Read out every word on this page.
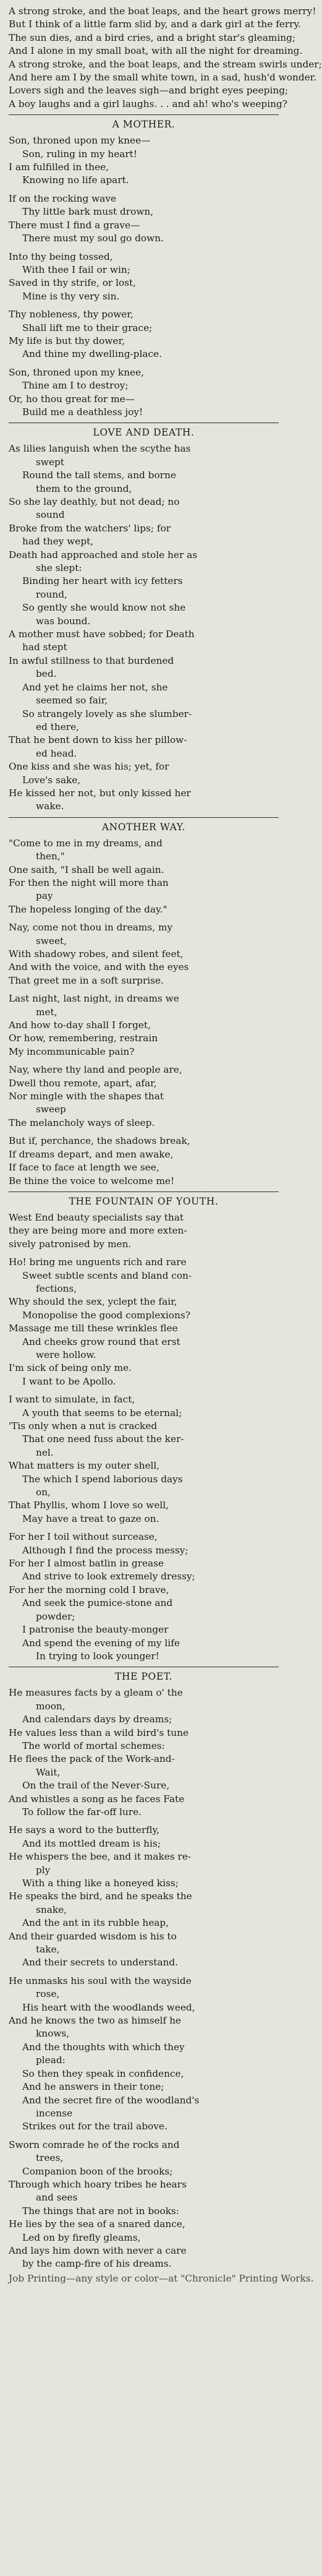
A strong stroke, and the boat leaps, and the heart grows merry!
But I think of a little farm slid by, and a dark girl at the ferry.
The sun dies, and a bird cries, and a bright star's gleaming;
And I alone in my small boat, with all the night for dreaming.
A strong stroke, and the boat leaps, and the stream swirls under;
And here am I by the small white town, in a sad, hush'd wonder.
Lovers sigh and the leaves sigh—and bright eyes peeping;
A boy laughs and a girl laughs. . . and ah! who's weeping?
A MOTHER.
Son, throned upon my knee—
Son, ruling in my heart!
I am fulfilled in thee,
Knowing no life apart.
If on the rocking wave
Thy little bark must drown,
There must I find a grave—
There must my soul go down.
Into thy being tossed,
With thee I fail or win;
Saved in thy strife, or lost,
Mine is thy very sin.
Thy nobleness, thy power,
Shall lift me to their grace;
My life is but thy dower,
And thine my dwelling-place.
Son, throned upon my knee,
Thine am I to destroy;
Or, ho thou great for me—
Build me a deathless joy!
LOVE AND DEATH.
As lilies languish when the scythe has
swept
Round the tall stems, and borne
them to the ground,
So she lay deathly, but not dead; no
sound
Broke from the watchers' lips; for
had they wept,
Death had approached and stole her as
she slept:
Binding her heart with icy fetters
round,
So gently she would know not she
was bound.
A mother must have sobbed; for Death
had stept
In awful stillness to that burdened
bed.
And yet he claims her not, she
seemed so fair,
So strangely lovely as she slumber-
ed there,
That he bent down to kiss her pillow-
ed head.
One kiss and she was his; yet, for
Love's sake,
He kissed her not, but only kissed her
wake.
ANOTHER WAY.
"Come to me in my dreams, and
then,"
One saith, "I shall be well again.
For then the night will more than
pay
The hopeless longing of the day."
Nay, come not thou in dreams, my
sweet,
With shadowy robes, and silent feet,
And with the voice, and with the eyes
That greet me in a soft surprise.
Last night, last night, in dreams we
met,
And how to-day shall I forget,
Or how, remembering, restrain
My incommunicable pain?
Nay, where thy land and people are,
Dwell thou remote, apart, afar,
Nor mingle with the shapes that
sweep
The melancholy ways of sleep.
But if, perchance, the shadows break,
If dreams depart, and men awake,
If face to face at length we see,
Be thine the voice to welcome me!
THE FOUNTAIN OF YOUTH.
West End beauty specialists say that
they are being more and more exten-
sively patronised by men.
Ho! bring me unguents rich and rare
Sweet subtle scents and bland con-
fections,
Why should the sex, yclept the fair,
Monopolise the good complexions?
Massage me till these wrinkles flee
And cheeks grow round that erst
were hollow.
I'm sick of being only me.
I want to be Apollo.
I want to simulate, in fact,
A youth that seems to be eternal;
'Tis only when a nut is cracked
That one need fuss about the ker-
nel.
What matters is my outer shell,
The which I spend laborious days
on,
That Phyllis, whom I love so well,
May have a treat to gaze on.
For her I toil without surcease,
Although I find the process messy;
For her I almost batlin in grease
And strive to look extremely dressy;
For her the morning cold I brave,
And seek the pumice-stone and
powder;
I patronise the beauty-monger
And spend the evening of my life
In trying to look younger!
THE POET.
He measures facts by a gleam o' the
moon,
And calendars days by dreams;
He values less than a wild bird's tune
The world of mortal schemes:
He flees the pack of the Work-and-
Wait,
On the trail of the Never-Sure,
And whistles a song as he faces Fate
To follow the far-off lure.
He says a word to the butterfly,
And its mottled dream is his;
He whispers the bee, and it makes re-
ply
With a thing like a honeyed kiss;
He speaks the bird, and he speaks the
snake,
And the ant in its rubble heap,
And their guarded wisdom is his to
take,
And their secrets to understand.
He unmasks his soul with the wayside
rose,
His heart with the woodlands weed,
And he knows the two as himself he
knows,
And the thoughts with which they
plead:
So then they speak in confidence,
And he answers in their tone;
And the secret fire of the woodland's
incense
Strikes out for the trail above.
Sworn comrade he of the rocks and
trees,
Companion boon of the brooks;
Through which hoary tribes he hears
and sees
The things that are not in books:
He lies by the sea of a snared dance,
Led on by firefly gleams,
And lays him down with never a care
by the camp-fire of his dreams.
Job Printing—any style or color—at "Chronicle" Printing Works.
